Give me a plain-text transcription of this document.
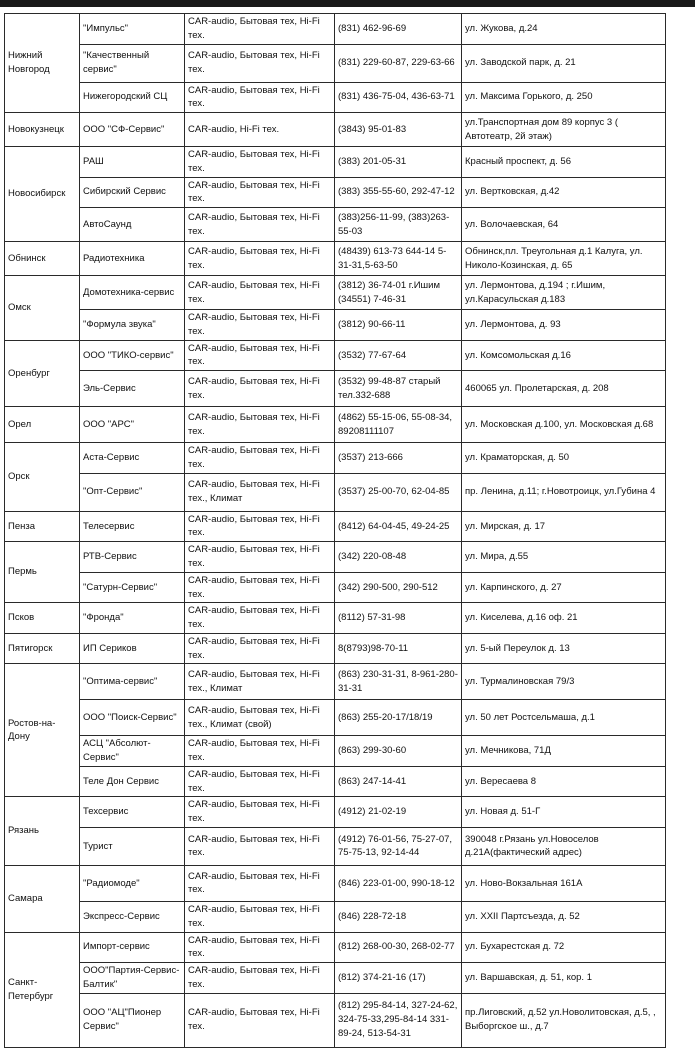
Нижний Новгород	"Импульс"	CAR-audio, Бытовая тех, Hi-Fi тех.	(831) 462-96-69	ул. Жукова, д.24
	"Качественный сервис"	CAR-audio, Бытовая тех, Hi-Fi тех.	(831) 229-60-87, 229-63-66	ул. Заводской парк, д. 21
	Нижегородский СЦ	CAR-audio, Бытовая тех, Hi-Fi тех.	(831) 436-75-04, 436-63-71	ул. Максима Горького, д. 250

Новокузнецк	ООО "СФ-Сервис"	CAR-audio, Hi-Fi тех.	(3843) 95-01-83	ул.Транспортная дом 89 корпус 3 ( Автотеатр, 2й этаж)

Новосибирск	РАШ	CAR-audio, Бытовая тех, Hi-Fi тех.	(383) 201-05-31	Красный проспект, д. 56
	Сибирский Сервис	CAR-audio, Бытовая тех, Hi-Fi тех.	(383) 355-55-60, 292-47-12	ул. Вертковская, д.42
	АвтоСаунд	CAR-audio, Бытовая тех, Hi-Fi тех.	(383)256-11-99, (383)263-55-03	ул. Волочаевская, 64

Обнинск	Радиотехника	CAR-audio, Бытовая тех, Hi-Fi тех.	(48439) 613-73 644-14 5-31-31,5-63-50	Обнинск,пл. Треугольная д.1 Калуга, ул. Николо-Козинская, д. 65

Омск	Домотехника-сервис	CAR-audio, Бытовая тех, Hi-Fi тех.	(3812) 36-74-01 г.Ишим (34551) 7-46-31	ул. Лермонтова, д.194 ; г.Ишим, ул.Карасульская д.183
	"Формула звука"	CAR-audio, Бытовая тех, Hi-Fi тех.	(3812) 90-66-11	ул. Лермонтова, д. 93

Оренбург	ООО "ТИКО-сервис"	CAR-audio, Бытовая тех, Hi-Fi тех.	(3532) 77-67-64	ул. Комсомольская д.16
	Эль-Сервис	CAR-audio, Бытовая тех, Hi-Fi тех.	(3532) 99-48-87 старый тел.332-688	460065 ул. Пролетарская, д. 208

Орел	ООО "АРС"	CAR-audio, Бытовая тех, Hi-Fi тех.	(4862) 55-15-06, 55-08-34, 89208111107	ул. Московская д.100, ул. Московская д.68

Орск	Аста-Сервис	CAR-audio, Бытовая тех, Hi-Fi тех.	(3537) 213-666	ул. Краматорская, д. 50
	"Опт-Сервис"	CAR-audio, Бытовая тех, Hi-Fi тех., Климат	(3537) 25-00-70, 62-04-85	пр. Ленина, д.11; г.Новотроицк, ул.Губина 4

Пенза	Телесервис	CAR-audio, Бытовая тех, Hi-Fi тех.	(8412) 64-04-45, 49-24-25	ул. Мирская, д. 17

Пермь	РТВ-Сервис	CAR-audio, Бытовая тех, Hi-Fi тех.	(342) 220-08-48	ул. Мира, д.55
	"Сатурн-Сервис"	CAR-audio, Бытовая тех, Hi-Fi тех.	(342) 290-500, 290-512	ул. Карпинского, д. 27

Псков	"Фронда"	CAR-audio, Бытовая тех, Hi-Fi тех.	(8112) 57-31-98	ул. Киселева, д.16 оф. 21

Пятигорск	ИП Сериков	CAR-audio, Бытовая тех, Hi-Fi тех.	8(8793)98-70-11	ул. 5-ый Переулок д. 13

Ростов-на-Дону	"Оптима-сервис"	CAR-audio, Бытовая тех, Hi-Fi тех., Климат	(863) 230-31-31, 8-961-280-31-31	ул. Турмалиновская 79/3
	ООО "Поиск-Сервис"	CAR-audio, Бытовая тех, Hi-Fi тех., Климат (свой)	(863) 255-20-17/18/19	ул. 50 лет Ростсельмаша, д.1
	АСЦ "Абсолют-Сервис"	CAR-audio, Бытовая тех, Hi-Fi тех.	(863) 299-30-60	ул. Мечникова, 71Д
	Теле Дон Сервис	CAR-audio, Бытовая тех, Hi-Fi тех.	(863) 247-14-41	ул. Вересаева 8

Рязань	Техсервис	CAR-audio, Бытовая тех, Hi-Fi тех.	(4912) 21-02-19	ул. Новая д. 51-Г
	Турист	CAR-audio, Бытовая тех, Hi-Fi тех.	(4912) 76-01-56, 75-27-07, 75-75-13, 92-14-44	390048 г.Рязань ул.Новоселов д.21А(фактический адрес)

Самара	"Радиомоде"	CAR-audio, Бытовая тех, Hi-Fi тех.	(846) 223-01-00, 990-18-12	ул. Ново-Вокзальная 161А
	Экспресс-Сервис	CAR-audio, Бытовая тех, Hi-Fi тех.	(846) 228-72-18	ул. XXII Партсъезда, д. 52

Санкт-Петербург	Импорт-сервис	CAR-audio, Бытовая тех, Hi-Fi тех.	(812) 268-00-30, 268-02-77	ул. Бухарестская д. 72
	ООО"Партия-Сервис-Балтик"	CAR-audio, Бытовая тех, Hi-Fi тех.	(812) 374-21-16 (17)	ул. Варшавская, д. 51, кор. 1
	ООО "АЦ"Пионер Сервис"	CAR-audio, Бытовая тех, Hi-Fi тех.	(812) 295-84-14, 327-24-62, 324-75-33,295-84-14 331-89-24, 513-54-31	пр.Лиговский, д.52 ул.Новолитовская, д.5, , Выборгское ш., д.7
